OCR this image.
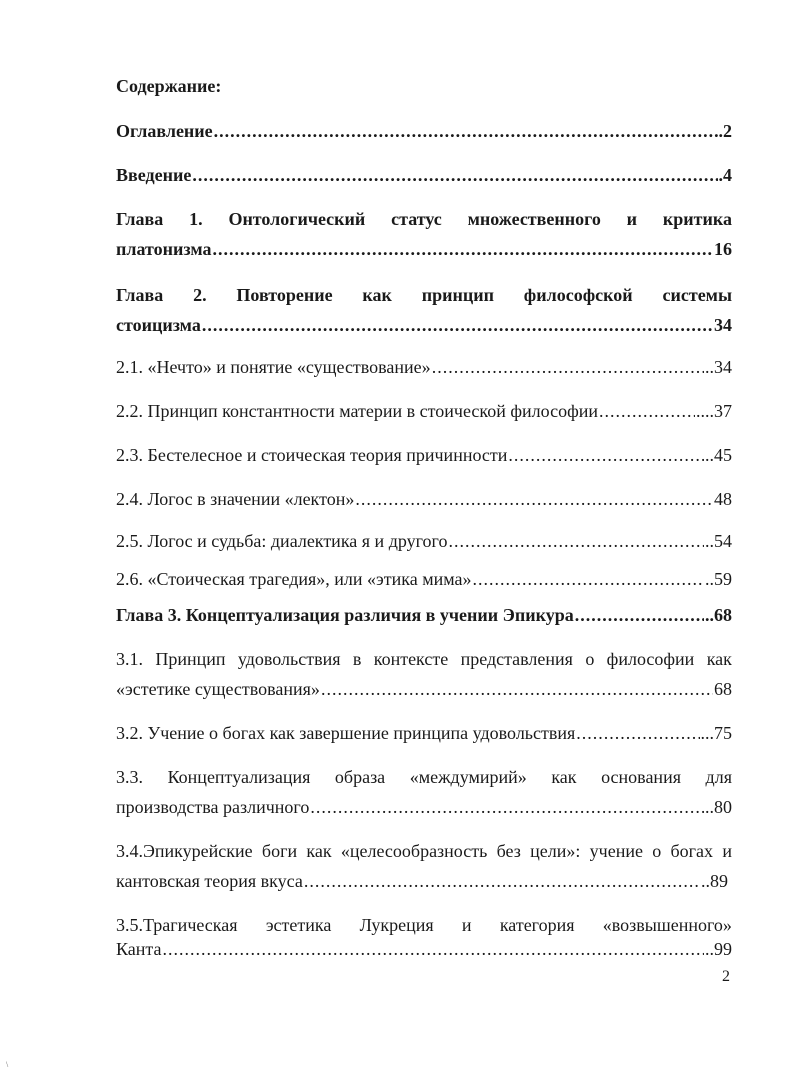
Содержание:
Оглавление .....	.2
Введение .....	.4
Глава 1. Онтологический статус множественного и критика
платонизма .....	16
Глава 2. Повторение как принцип философской системы
стоицизма .....	34
2.1. «Нечто» и понятие «существование» .....	..34
2.2. Принцип константности материи в стоической философии .....	....37
2.3. Бестелесное и стоическая теория причинности .....	..45
2.4. Логос в значении «лектон» .....	48
2.5. Логос и судьба: диалектика я и другого .....	..54
2.6. «Стоическая трагедия», или «этика мима» .....	..59
Глава 3. Концептуализация различия в учении Эпикура .....	..68
3.1. Принцип удовольствия в контексте представления о философии как
«эстетике существования» .....	68
3.2. Учение о богах как завершение принципа удовольствия .....	...75
3.3. Концептуализация образа «междумирий» как основания для
производства различного .....	..80
3.4.Эпикурейские боги как «целесообразность без цели»: учение о богах и
кантовская теория вкуса .....	..89
3.5.Трагическая эстетика Лукреция и категория «возвышенного»
Канта .....	..99
2
\
